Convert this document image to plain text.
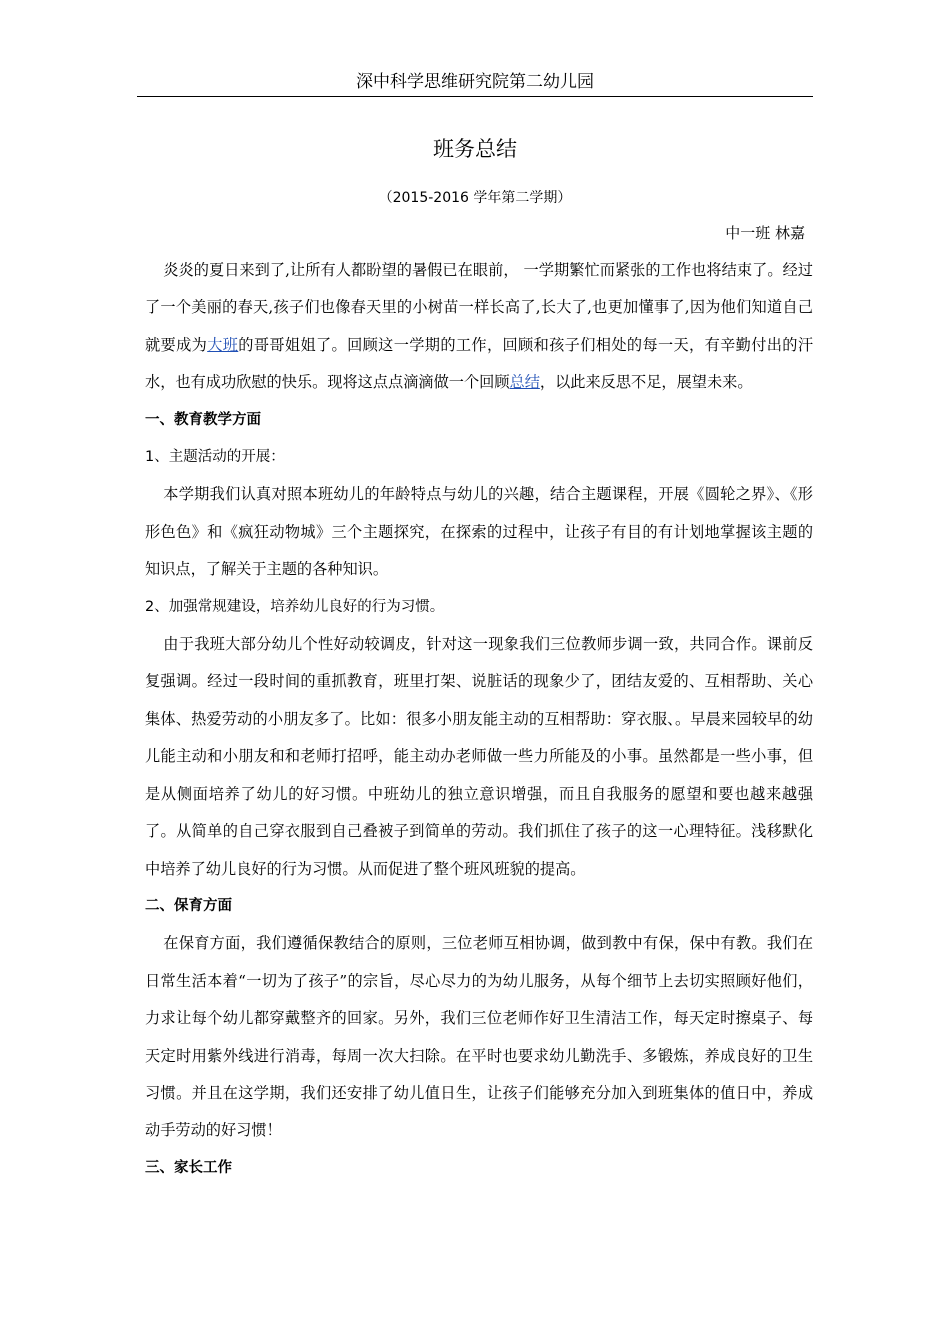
深中科学思维研究院第二幼儿园
班务总结
（2015-2016 学年第二学期）
中一班 林嘉

炎炎的夏日来到了,让所有人都盼望的暑假已在眼前， 一学期繁忙而紧张的工作也将结束了。经过了一个美丽的春天,孩子们也像春天里的小树苗一样长高了,长大了,也更加懂事了,因为他们知道自己就要成为大班的哥哥姐姐了。回顾这一学期的工作，回顾和孩子们相处的每一天，有辛勤付出的汗水，也有成功欣慰的快乐。现将这点点滴滴做一个回顾总结，以此来反思不足，展望未来。

一、教育教学方面

1、主题活动的开展：

本学期我们认真对照本班幼儿的年龄特点与幼儿的兴趣，结合主题课程，开展《圆轮之界》、《形形色色》和《疯狂动物城》三个主题探究，在探索的过程中，让孩子有目的有计划地掌握该主题的知识点，了解关于主题的各种知识。

2、加强常规建设，培养幼儿良好的行为习惯。

由于我班大部分幼儿个性好动较调皮，针对这一现象我们三位教师步调一致，共同合作。课前反复强调。经过一段时间的重抓教育，班里打架、说脏话的现象少了，团结友爱的、互相帮助、关心集体、热爱劳动的小朋友多了。比如：很多小朋友能主动的互相帮助：穿衣服、。早晨来园较早的幼儿能主动和小朋友和和老师打招呼，能主动办老师做一些力所能及的小事。虽然都是一些小事，但是从侧面培养了幼儿的好习惯。中班幼儿的独立意识增强，而且自我服务的愿望和要也越来越强了。从简单的自己穿衣服到自己叠被子到简单的劳动。我们抓住了孩子的这一心理特征。浅移默化中培养了幼儿良好的行为习惯。从而促进了整个班风班貌的提高。

二、保育方面

在保育方面，我们遵循保教结合的原则，三位老师互相协调，做到教中有保，保中有教。我们在日常生活本着“一切为了孩子”的宗旨，尽心尽力的为幼儿服务，从每个细节上去切实照顾好他们，力求让每个幼儿都穿戴整齐的回家。另外，我们三位老师作好卫生清洁工作，每天定时擦桌子、每天定时用紫外线进行消毒，每周一次大扫除。在平时也要求幼儿勤洗手、多锻炼，养成良好的卫生习惯。并且在这学期，我们还安排了幼儿值日生，让孩子们能够充分加入到班集体的值日中，养成动手劳动的好习惯！

三、家长工作
